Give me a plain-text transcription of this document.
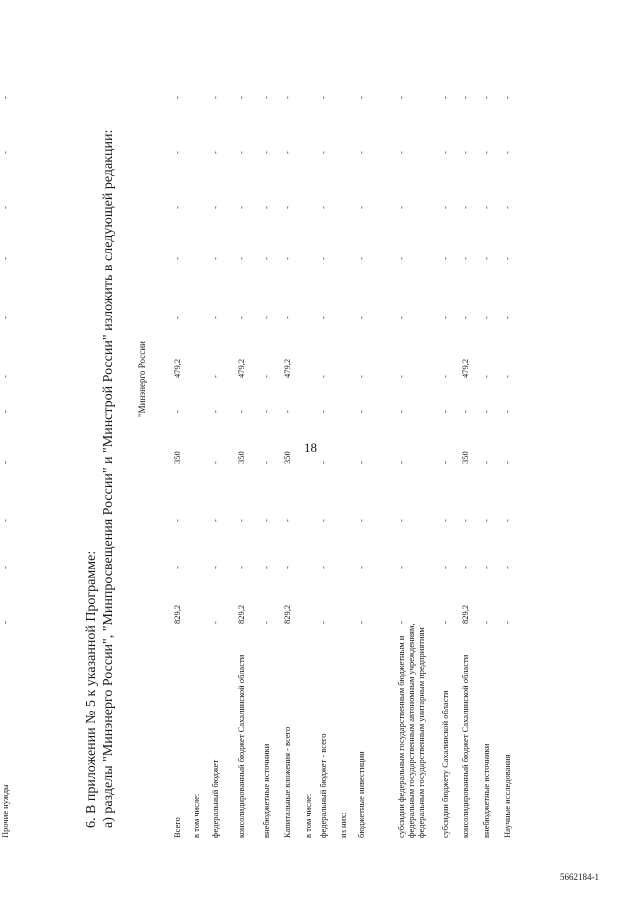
18
5662184-1
6. В приложении № 5 к указанной Программе: а) разделы "Минэнерго России", "Минпросвещения России" и "Минстрой России" изложить в следующей редакции: "Минэнерго России
Всего
829,2
-
-
350
-
479,2
-
-
-
-
-
в том числе: федеральный бюджет
-
-
-
-
-
-
-
-
-
-
-
консолидированный бюджет Сахалинской области
829,2
-
-
350
-
479,2
-
-
-
-
-
внебюджетные источники
-
-
-
-
-
-
-
-
-
-
-
Капитальные вложения - всего
829,2
-
-
350
-
479,2
-
-
-
-
-
в том числе: федеральный бюджет - всего
-
-
-
-
-
-
-
-
-
-
-
из них: бюджетные инвестиции
-
-
-
-
-
-
-
-
-
-
-
субсидии федеральным государственным бюджетным и федеральным государственным автономным учреждениям, федеральным государственным унитарным предприятиям
-
-
-
-
-
-
-
-
-
-
-
субсидии бюджету Сахалинской области
-
-
-
-
-
-
-
-
-
-
-
консолидированный бюджет Сахалинской области
829,2
-
-
350
-
479,2
-
-
-
-
-
внебюджетные источники
-
-
-
-
-
-
-
-
-
-
-
Научные исследования
-
-
-
-
-
-
-
-
-
-
-
Прочие нужды
-
-
-
-
-
-
-
-
-
-
-
